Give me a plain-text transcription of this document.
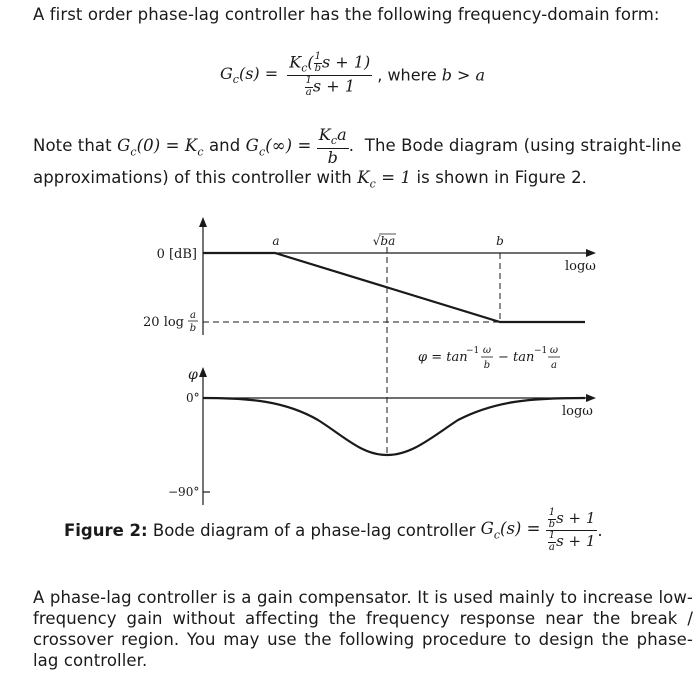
A first order phase-lag controller has the following frequency-domain form:
$G_c(s) = \frac{K_c( \frac{1}{b} s + 1)}{\frac{1}{a} s + 1}$ , where b > a
Note that $G_c(0) = K_c$ and $G_c(\infty) = \frac{K_ca}{b}$ .  The Bode diagram (using straight-line approximations) of this controller with $K_c = 1$ is shown in Figure 2.
0 [dB]
20 log a
b
a	√ba	b
logω
φ = tan
−1 ω
b
− tan −1 ω
a
φ
0°
−90°
logω
Figure 2: Bode diagram of a phase-lag controller $G_c(s) = \frac{\frac{1}{b} s + 1}{\frac{1}{a} s + 1}$ .
A phase-lag controller is a gain compensator. It is used mainly to increase low-frequency gain without affecting the frequency response near the break / crossover region. You may use the following procedure to design the phase-lag controller.
